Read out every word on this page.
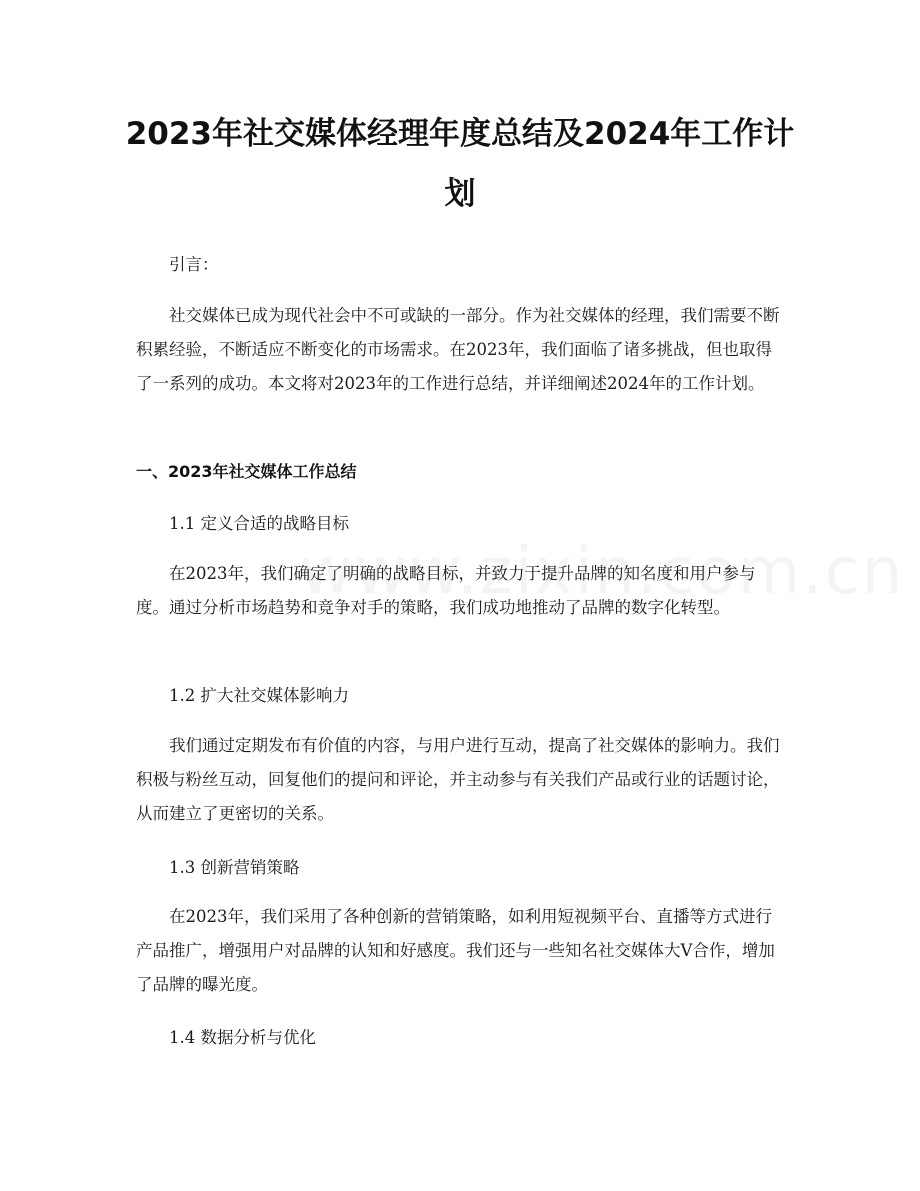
2023年社交媒体经理年度总结及2024年工作计划
引言：
社交媒体已成为现代社会中不可或缺的一部分。作为社交媒体的经理，我们需要不断积累经验，不断适应不断变化的市场需求。在2023年，我们面临了诸多挑战，但也取得了一系列的成功。本文将对2023年的工作进行总结，并详细阐述2024年的工作计划。
一、2023年社交媒体工作总结
1.1 定义合适的战略目标
在2023年，我们确定了明确的战略目标，并致力于提升品牌的知名度和用户参与度。通过分析市场趋势和竞争对手的策略，我们成功地推动了品牌的数字化转型。
1.2 扩大社交媒体影响力
我们通过定期发布有价值的内容，与用户进行互动，提高了社交媒体的影响力。我们积极与粉丝互动，回复他们的提问和评论，并主动参与有关我们产品或行业的话题讨论，从而建立了更密切的关系。
1.3 创新营销策略
在2023年，我们采用了各种创新的营销策略，如利用短视频平台、直播等方式进行产品推广，增强用户对品牌的认知和好感度。我们还与一些知名社交媒体大V合作，增加了品牌的曝光度。
1.4 数据分析与优化
